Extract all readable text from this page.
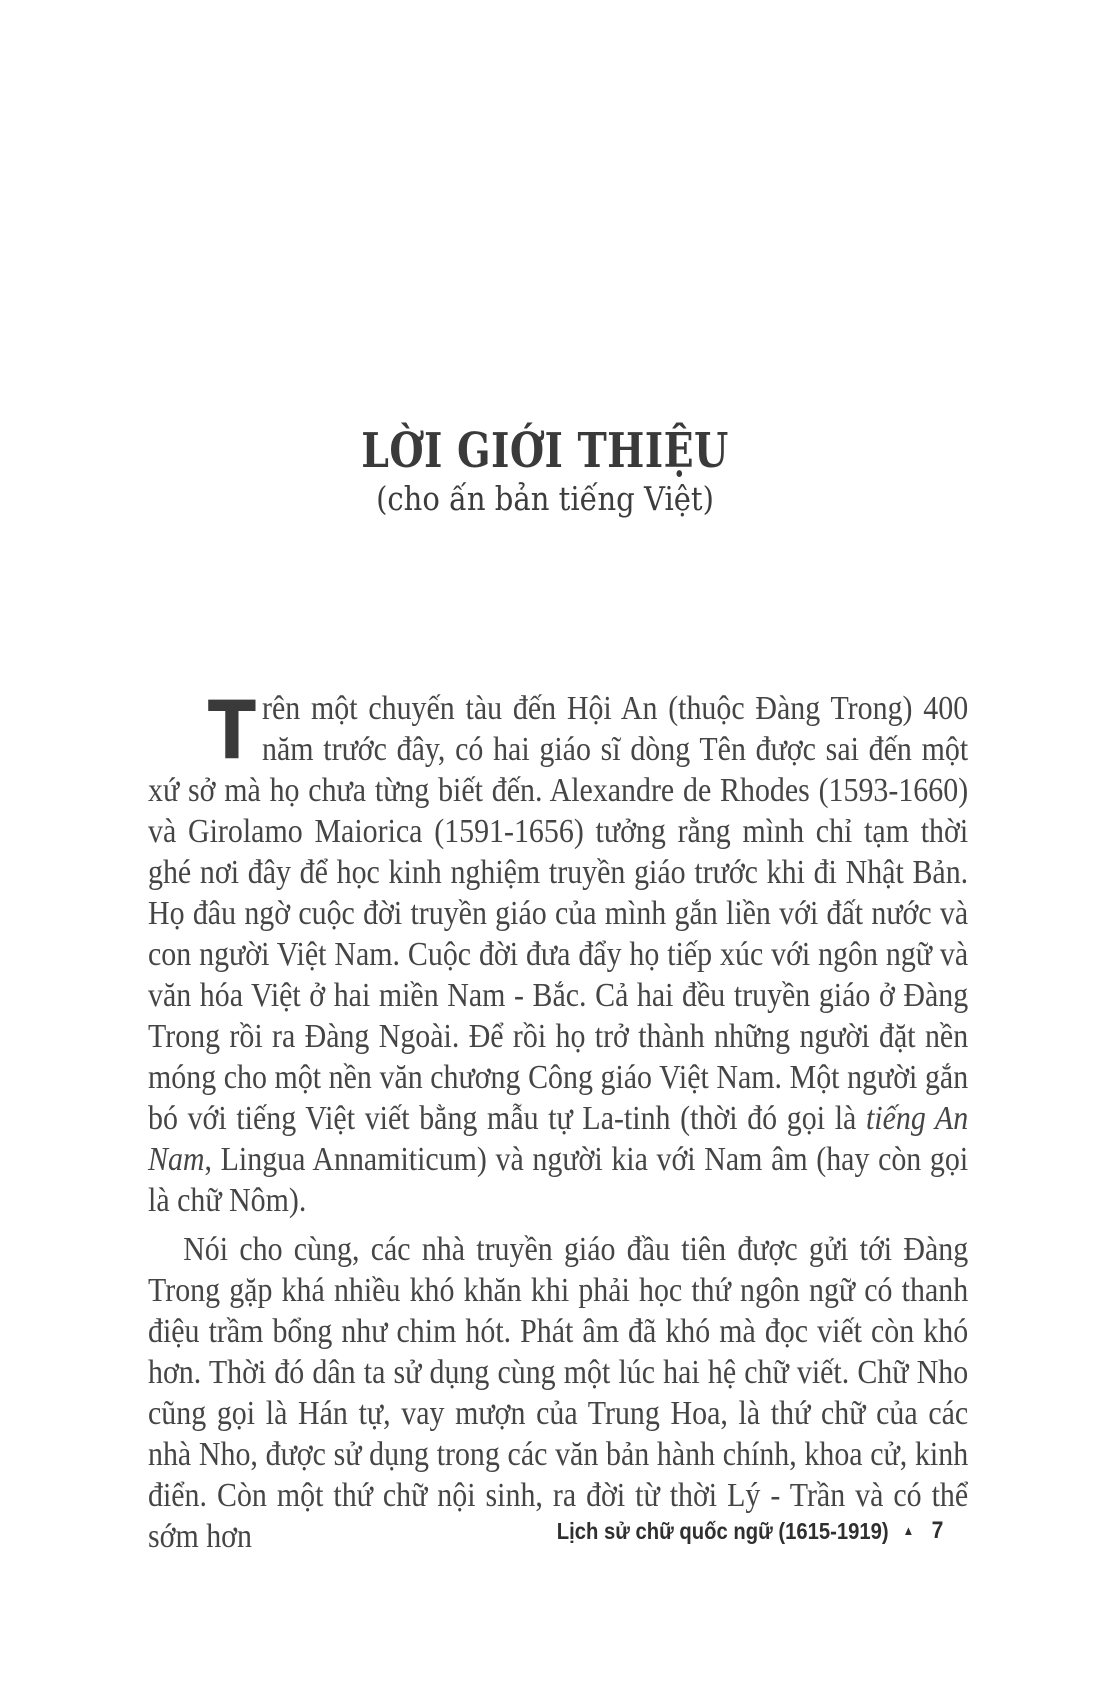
LỜI GIỚI THIỆU
(cho ấn bản tiếng Việt)

Trên một chuyến tàu đến Hội An (thuộc Đàng Trong) 400 năm trước đây, có hai giáo sĩ dòng Tên được sai đến một xứ sở mà họ chưa từng biết đến. Alexandre de Rhodes (1593-1660) và Girolamo Maiorica (1591-1656) tưởng rằng mình chỉ tạm thời ghé nơi đây để học kinh nghiệm truyền giáo trước khi đi Nhật Bản. Họ đâu ngờ cuộc đời truyền giáo của mình gắn liền với đất nước và con người Việt Nam. Cuộc đời đưa đẩy họ tiếp xúc với ngôn ngữ và văn hóa Việt ở hai miền Nam - Bắc. Cả hai đều truyền giáo ở Đàng Trong rồi ra Đàng Ngoài. Để rồi họ trở thành những người đặt nền móng cho một nền văn chương Công giáo Việt Nam. Một người gắn bó với tiếng Việt viết bằng mẫu tự La-tinh (thời đó gọi là tiếng An Nam, Lingua Annamiticum) và người kia với Nam âm (hay còn gọi là chữ Nôm).

Nói cho cùng, các nhà truyền giáo đầu tiên được gửi tới Đàng Trong gặp khá nhiều khó khăn khi phải học thứ ngôn ngữ có thanh điệu trầm bổng như chim hót. Phát âm đã khó mà đọc viết còn khó hơn. Thời đó dân ta sử dụng cùng một lúc hai hệ chữ viết. Chữ Nho cũng gọi là Hán tự, vay mượn của Trung Hoa, là thứ chữ của các nhà Nho, được sử dụng trong các văn bản hành chính, khoa cử, kinh điển. Còn một thứ chữ nội sinh, ra đời từ thời Lý - Trần và có thể sớm hơn	Lịch sử chữ quốc ngữ (1615-1919) ▲ 7
